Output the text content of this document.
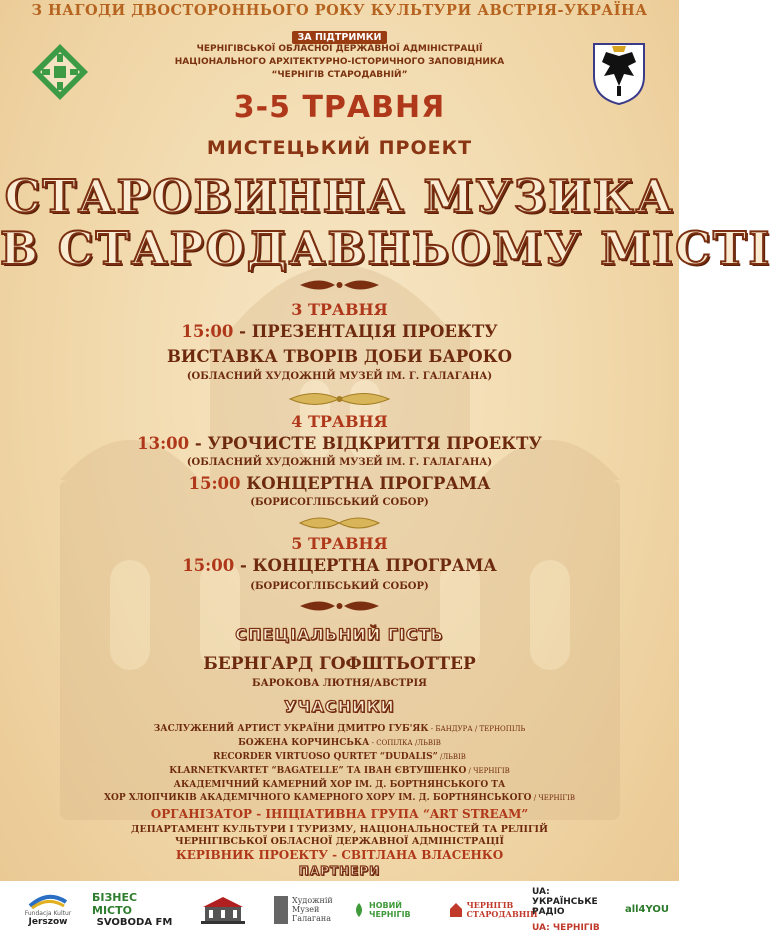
З НАГОДИ ДВОСТОРОННЬОГО РОКУ КУЛЬТУРИ АВСТРІЯ-УКРАЇНА
ЗА ПІДТРИМКИ
ЧЕРНІГІВСЬКОЇ ОБЛАСНОЇ ДЕРЖАВНОЇ АДМІНІСТРАЦІЇ
НАЦІОНАЛЬНОГО АРХІТЕКТУРНО-ІСТОРИЧНОГО ЗАПОВІДНИКА
“ЧЕРНІГІВ СТАРОДАВНІЙ”
3-5 ТРАВНЯ
МИСТЕЦЬКИЙ ПРОЕКТ
СТАРОВИННА МУЗИКА
В СТАРОДАВНЬОМУ МІСТІ
3 ТРАВНЯ
15:00 - ПРЕЗЕНТАЦІЯ ПРОЕКТУ
ВИСТАВКА ТВОРІВ ДОБИ БАРОКО
(ОБЛАСНИЙ ХУДОЖНІЙ МУЗЕЙ ІМ. Г. ГАЛАГАНА)
4 ТРАВНЯ
13:00 - УРОЧИСТЕ ВІДКРИТТЯ ПРОЕКТУ
(ОБЛАСНИЙ ХУДОЖНІЙ МУЗЕЙ ІМ. Г. ГАЛАГАНА)
15:00 КОНЦЕРТНА ПРОГРАМА
(БОРИСОГЛІБСЬКИЙ СОБОР)
5 ТРАВНЯ
15:00 - КОНЦЕРТНА ПРОГРАМА
(БОРИСОГЛІБСЬКИЙ СОБОР)
СПЕЦІАЛЬНИЙ ГІСТЬ
БЕРНГАРД ГОФШТЬОТТЕР
БАРОКОВА ЛЮТНЯ/АВСТРІЯ
УЧАСНИКИ
ЗАСЛУЖЕНИЙ АРТИСТ УКРАЇНИ ДМИТРО ГУБ'ЯК - БАНДУРА / ТЕРНОПІЛЬ
БОЖЕНА КОРЧИНСЬКА - СОПІЛКА /ЛЬВІВ
RECORDER VIRTUOSO QURTET “DUDALIS” /ЛЬВІВ
KLARNETKVARTET “BAGATELLE” ТА ІВАН ЄВТУШЕНКО / ЧЕРНІГІВ
АКАДЕМІЧНИЙ КАМЕРНИЙ ХОР ІМ. Д. БОРТНЯНСЬКОГО ТА
ХОР ХЛОПЧИКІВ АКАДЕМІЧНОГО КАМЕРНОГО ХОРУ ІМ. Д. БОРТНЯНСЬКОГО / ЧЕРНІГІВ
ОРГАНІЗАТОР - ІНІЦІАТИВНА ГРУПА “ART STREAM”
ДЕПАРТАМЕНТ КУЛЬТУРИ І ТУРИЗМУ, НАЦІОНАЛЬНОСТЕЙ ТА РЕЛІГІЙ
ЧЕРНІГІВСЬКОЇ ОБЛАСНОЇ ДЕРЖАВНОЇ АДМІНІСТРАЦІЇ
КЕРІВНИК ПРОЕКТУ - СВІТЛАНА ВЛАСЕНКО
ПАРТНЕРИ
Fundacja Kultur
Jerszow
БІЗНЕС МІСТО
SVOBODA FM
Художній Музей Галагана
НОВИЙ ЧЕРНІГІВ
ЧЕРНІГІВ СТАРОДАВНІЙ
UA: УКРАЇНСЬКЕ РАДІО
UA: ЧЕРНІГІВ
all4YOU
